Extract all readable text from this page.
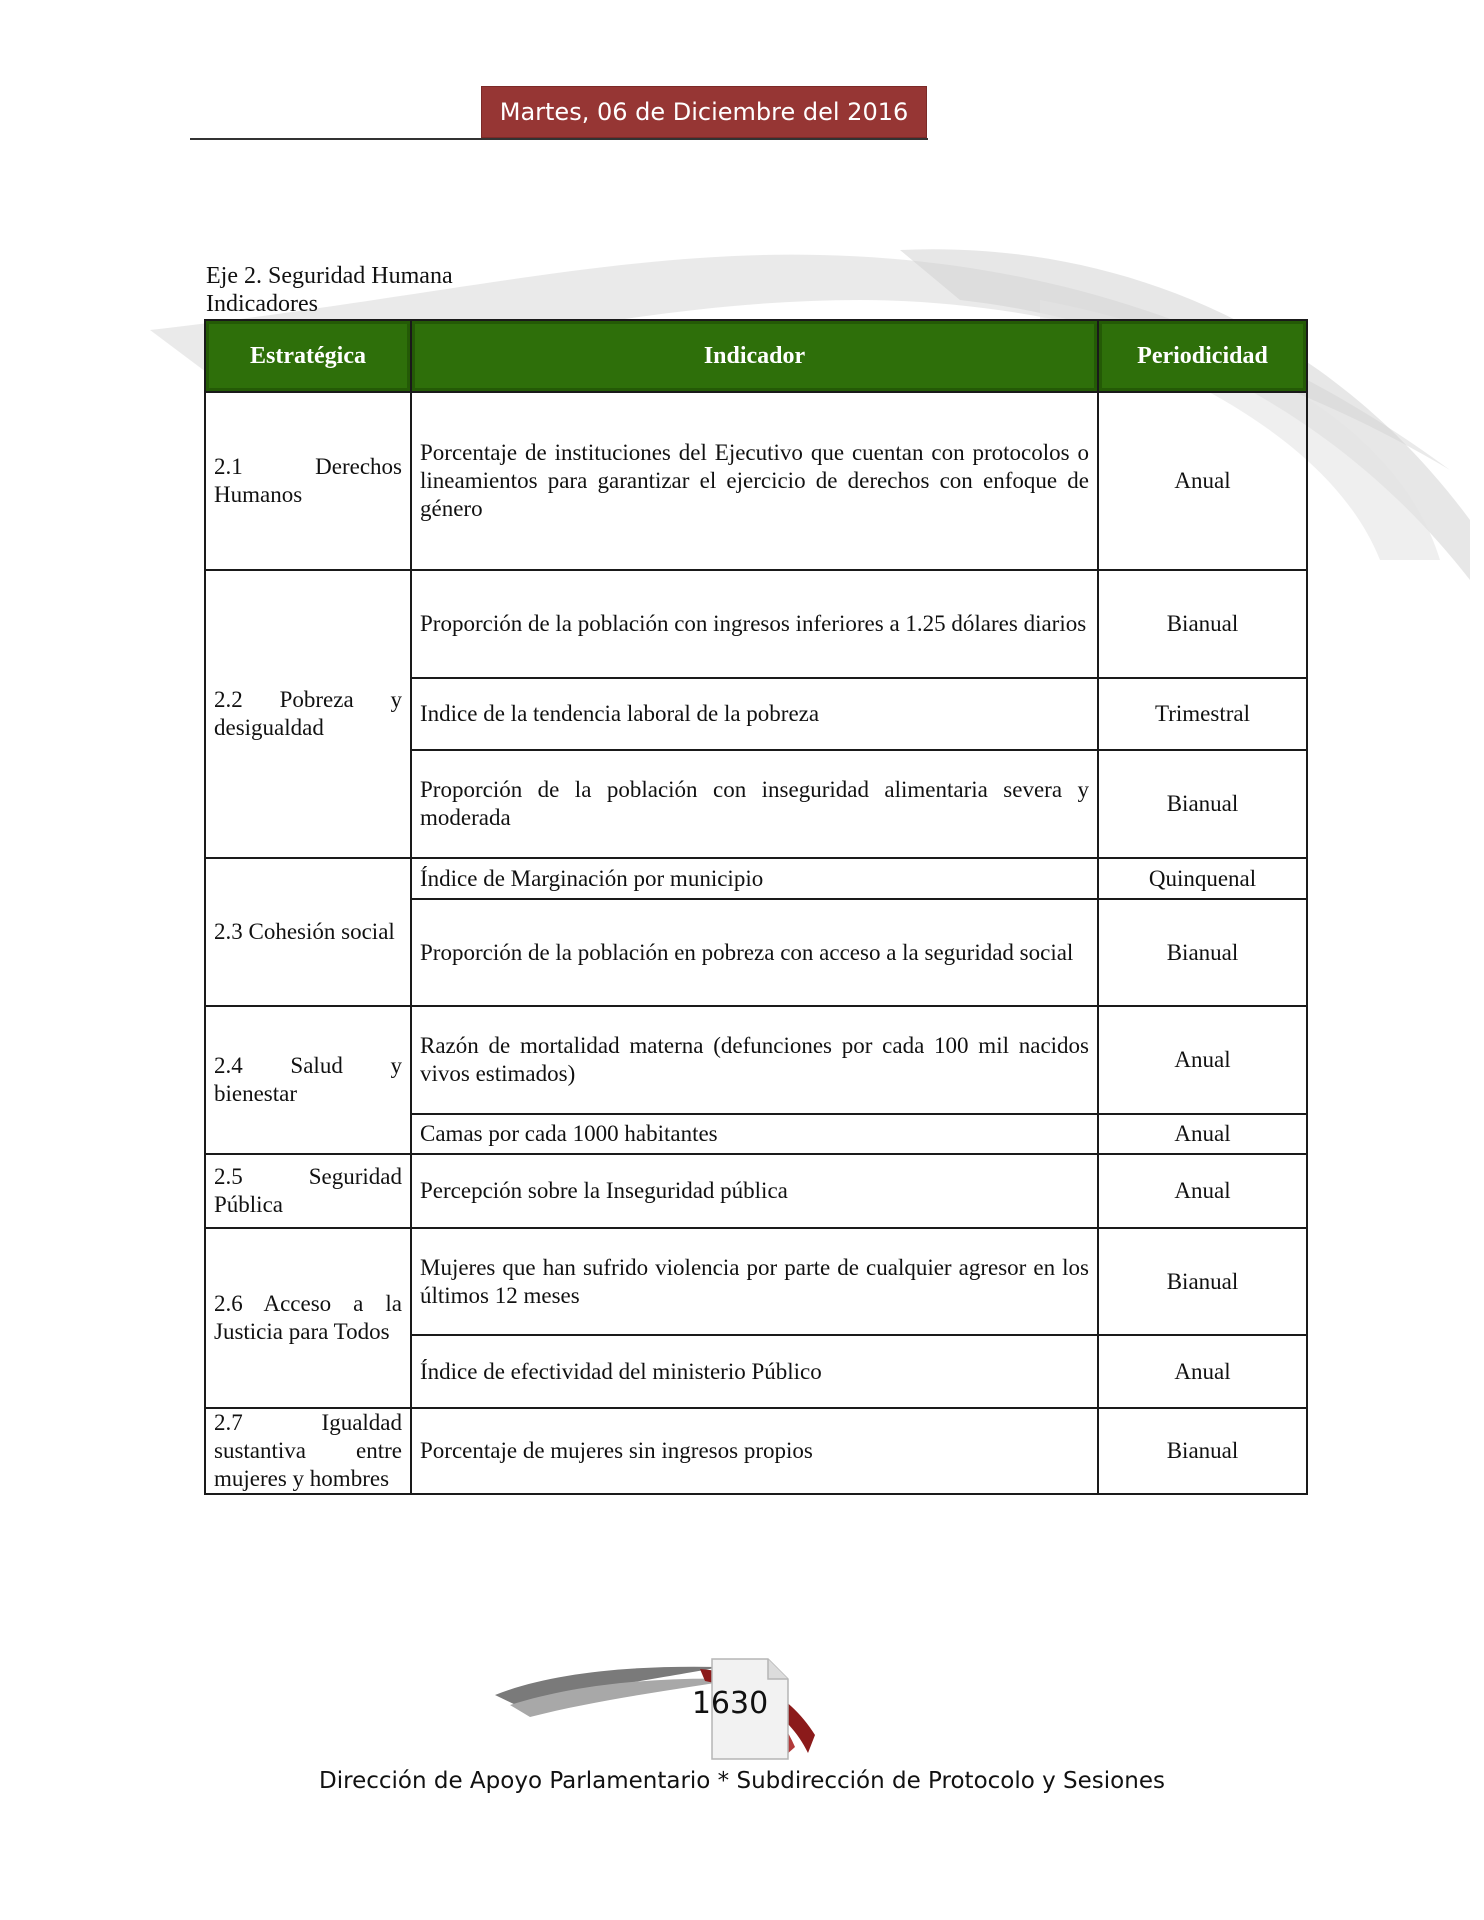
Martes, 06 de Diciembre del 2016
Eje 2. Seguridad Humana
Indicadores
Estratégica	Indicador	Periodicidad

2.1 Derechos Humanos	Porcentaje de instituciones del Ejecutivo que cuentan con protocolos o lineamientos para garantizar el ejercicio de derechos con enfoque de género	Anual

2.2 Pobreza y desigualdad	Proporción de la población con ingresos inferiores a 1.25 dólares diarios	Bianual

	Indice de la tendencia laboral de la pobreza	Trimestral

	Proporción de la población con inseguridad alimentaria severa y moderada	Bianual

2.3 Cohesión social	Índice de Marginación por municipio	Quinquenal

	Proporción de la población en pobreza con acceso a la seguridad social	Bianual

2.4 Salud y bienestar	Razón de mortalidad materna (defunciones por cada 100 mil nacidos vivos estimados)	Anual

	Camas por cada 1000 habitantes	Anual

2.5 Seguridad Pública	Percepción sobre la Inseguridad pública	Anual

2.6 Acceso a la Justicia para Todos	Mujeres que han sufrido violencia por parte de cualquier agresor en los últimos 12 meses	Bianual

	Índice de efectividad del ministerio Público	Anual

2.7 Igualdad sustantiva entre mujeres y hombres	Porcentaje de mujeres sin ingresos propios	Bianual
1630
Dirección de Apoyo Parlamentario * Subdirección de Protocolo y Sesiones
